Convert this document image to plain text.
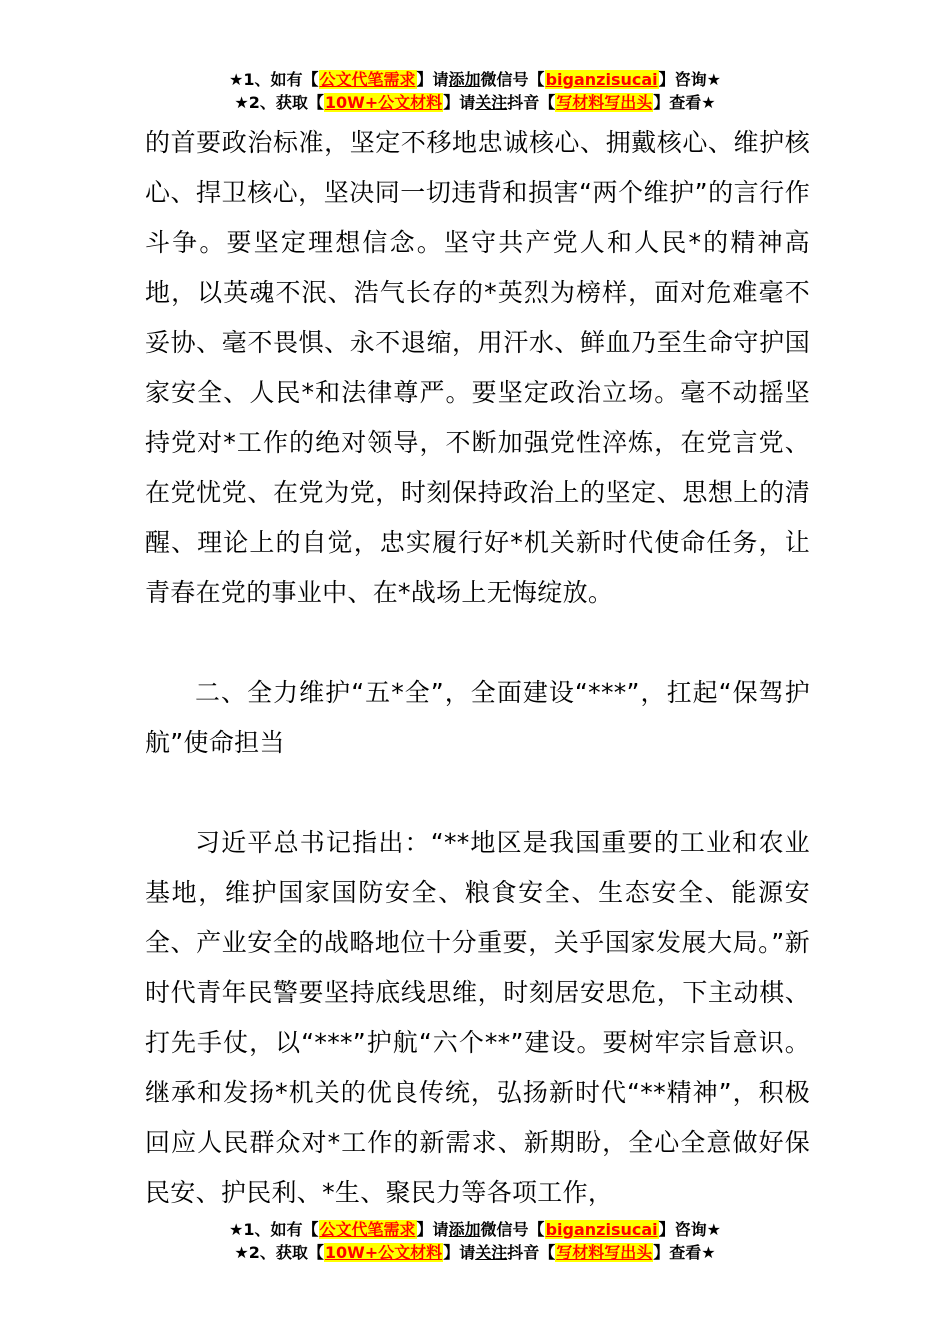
★1、如有【公文代笔需求】请添加微信号【biganzisucai】咨询★
★2、获取【10W+公文材料】请关注抖音【写材料写出头】查看★

的首要政治标准，坚定不移地忠诚核心、拥戴核心、维护核心、捍卫核心，坚决同一切违背和损害“两个维护”的言行作斗争。要坚定理想信念。坚守共产党人和人民*的精神高地，以英魂不泯、浩气长存的*英烈为榜样，面对危难毫不妥协、毫不畏惧、永不退缩，用汗水、鲜血乃至生命守护国家安全、人民*和法律尊严。要坚定政治立场。毫不动摇坚持党对*工作的绝对领导，不断加强党性淬炼，在党言党、在党忧党、在党为党，时刻保持政治上的坚定、思想上的清醒、理论上的自觉，忠实履行好*机关新时代使命任务，让青春在党的事业中、在*战场上无悔绽放。

二、全力维护“五*全”，全面建设“***”，扛起“保驾护航”使命担当

习近平总书记指出：“**地区是我国重要的工业和农业基地，维护国家国防安全、粮食安全、生态安全、能源安全、产业安全的战略地位十分重要，关乎国家发展大局。”新时代青年民警要坚持底线思维，时刻居安思危，下主动棋、打先手仗，以“***”护航“六个**”建设。要树牢宗旨意识。继承和发扬*机关的优良传统，弘扬新时代“**精神”，积极回应人民群众对*工作的新需求、新期盼，全心全意做好保民安、护民利、*生、聚民力等各项工作，

★1、如有【公文代笔需求】请添加微信号【biganzisucai】咨询★
★2、获取【10W+公文材料】请关注抖音【写材料写出头】查看★
